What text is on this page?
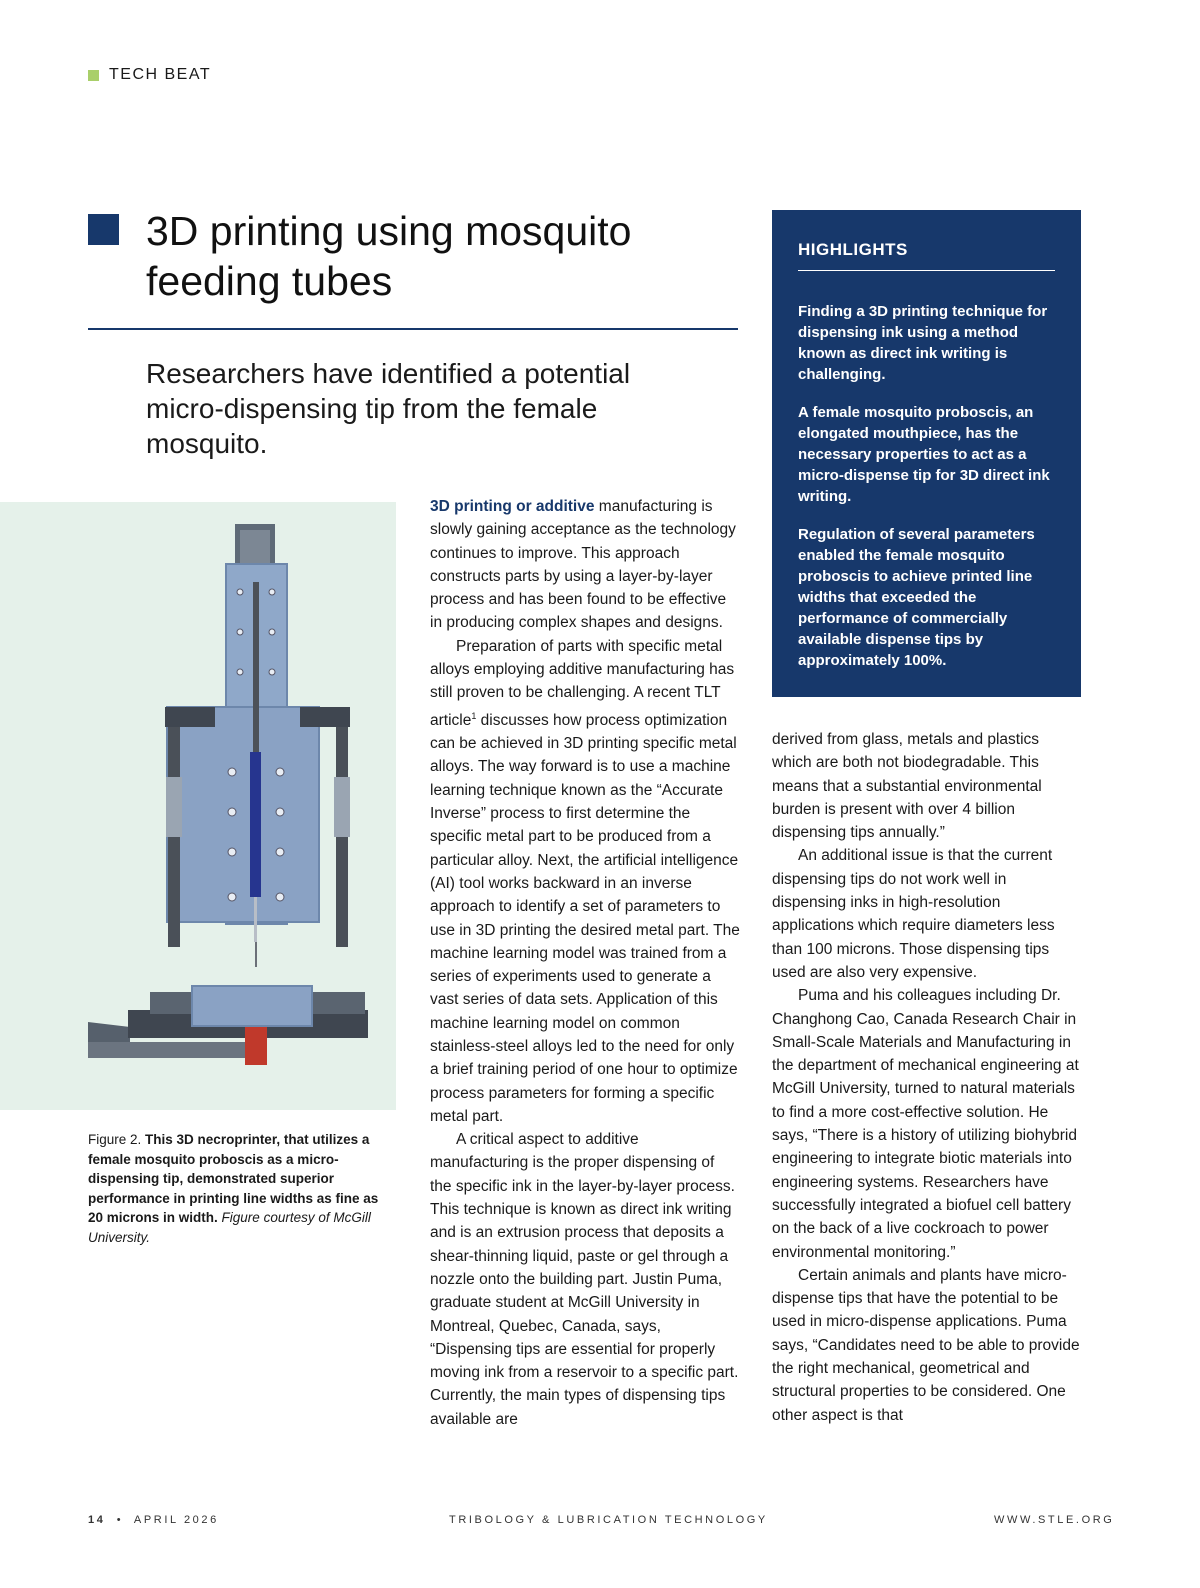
TECH BEAT
3D printing using mosquito feeding tubes
Researchers have identified a potential micro-dispensing tip from the female mosquito.
HIGHLIGHTS

Finding a 3D printing technique for dispensing ink using a method known as direct ink writing is challenging.

A female mosquito proboscis, an elongated mouthpiece, has the necessary properties to act as a micro-dispense tip for 3D direct ink writing.

Regulation of several parameters enabled the female mosquito proboscis to achieve printed line widths that exceeded the performance of commercially available dispense tips by approximately 100%.

Figure 2. This 3D necroprinter, that utilizes a female mosquito proboscis as a micro-dispensing tip, demonstrated superior performance in printing line widths as fine as 20 microns in width. Figure courtesy of McGill University.

3D printing or additive manufacturing is slowly gaining acceptance as the technology continues to improve. This approach constructs parts by using a layer-by-layer process and has been found to be effective in producing complex shapes and designs.

Preparation of parts with specific metal alloys employing additive manufacturing has still proven to be challenging. A recent TLT article$^1$ discusses how process optimization can be achieved in 3D printing specific metal alloys. The way forward is to use a machine learning technique known as the “Accurate Inverse” process to first determine the specific metal part to be produced from a particular alloy. Next, the artificial intelligence (AI) tool works backward in an inverse approach to identify a set of parameters to use in 3D printing the desired metal part. The machine learning model was trained from a series of experiments used to generate a vast series of data sets. Application of this machine learning model on common stainless-steel alloys led to the need for only a brief training period of one hour to optimize process parameters for forming a specific metal part.

A critical aspect to additive manufacturing is the proper dispensing of the specific ink in the layer-by-layer process. This technique is known as direct ink writing and is an extrusion process that deposits a shear-thinning liquid, paste or gel through a nozzle onto the building part. Justin Puma, graduate student at McGill University in Montreal, Quebec, Canada, says, “Dispensing tips are essential for properly moving ink from a reservoir to a specific part. Currently, the main types of dispensing tips available are

derived from glass, metals and plastics which are both not biodegradable. This means that a substantial environmental burden is present with over 4 billion dispensing tips annually.”

An additional issue is that the current dispensing tips do not work well in dispensing inks in high-resolution applications which require diameters less than 100 microns. Those dispensing tips used are also very expensive.

Puma and his colleagues including Dr. Changhong Cao, Canada Research Chair in Small-Scale Materials and Manufacturing in the department of mechanical engineering at McGill University, turned to natural materials to find a more cost-effective solution. He says, “There is a history of utilizing biohybrid engineering to integrate biotic materials into engineering systems. Researchers have successfully integrated a biofuel cell battery on the back of a live cockroach to power environmental monitoring.”

Certain animals and plants have micro-dispense tips that have the potential to be used in micro-dispense applications. Puma says, “Candidates need to be able to provide the right mechanical, geometrical and structural properties to be considered. One other aspect is that

14 • APRIL 2026	TRIBOLOGY & LUBRICATION TECHNOLOGY	WWW.STLE.ORG
